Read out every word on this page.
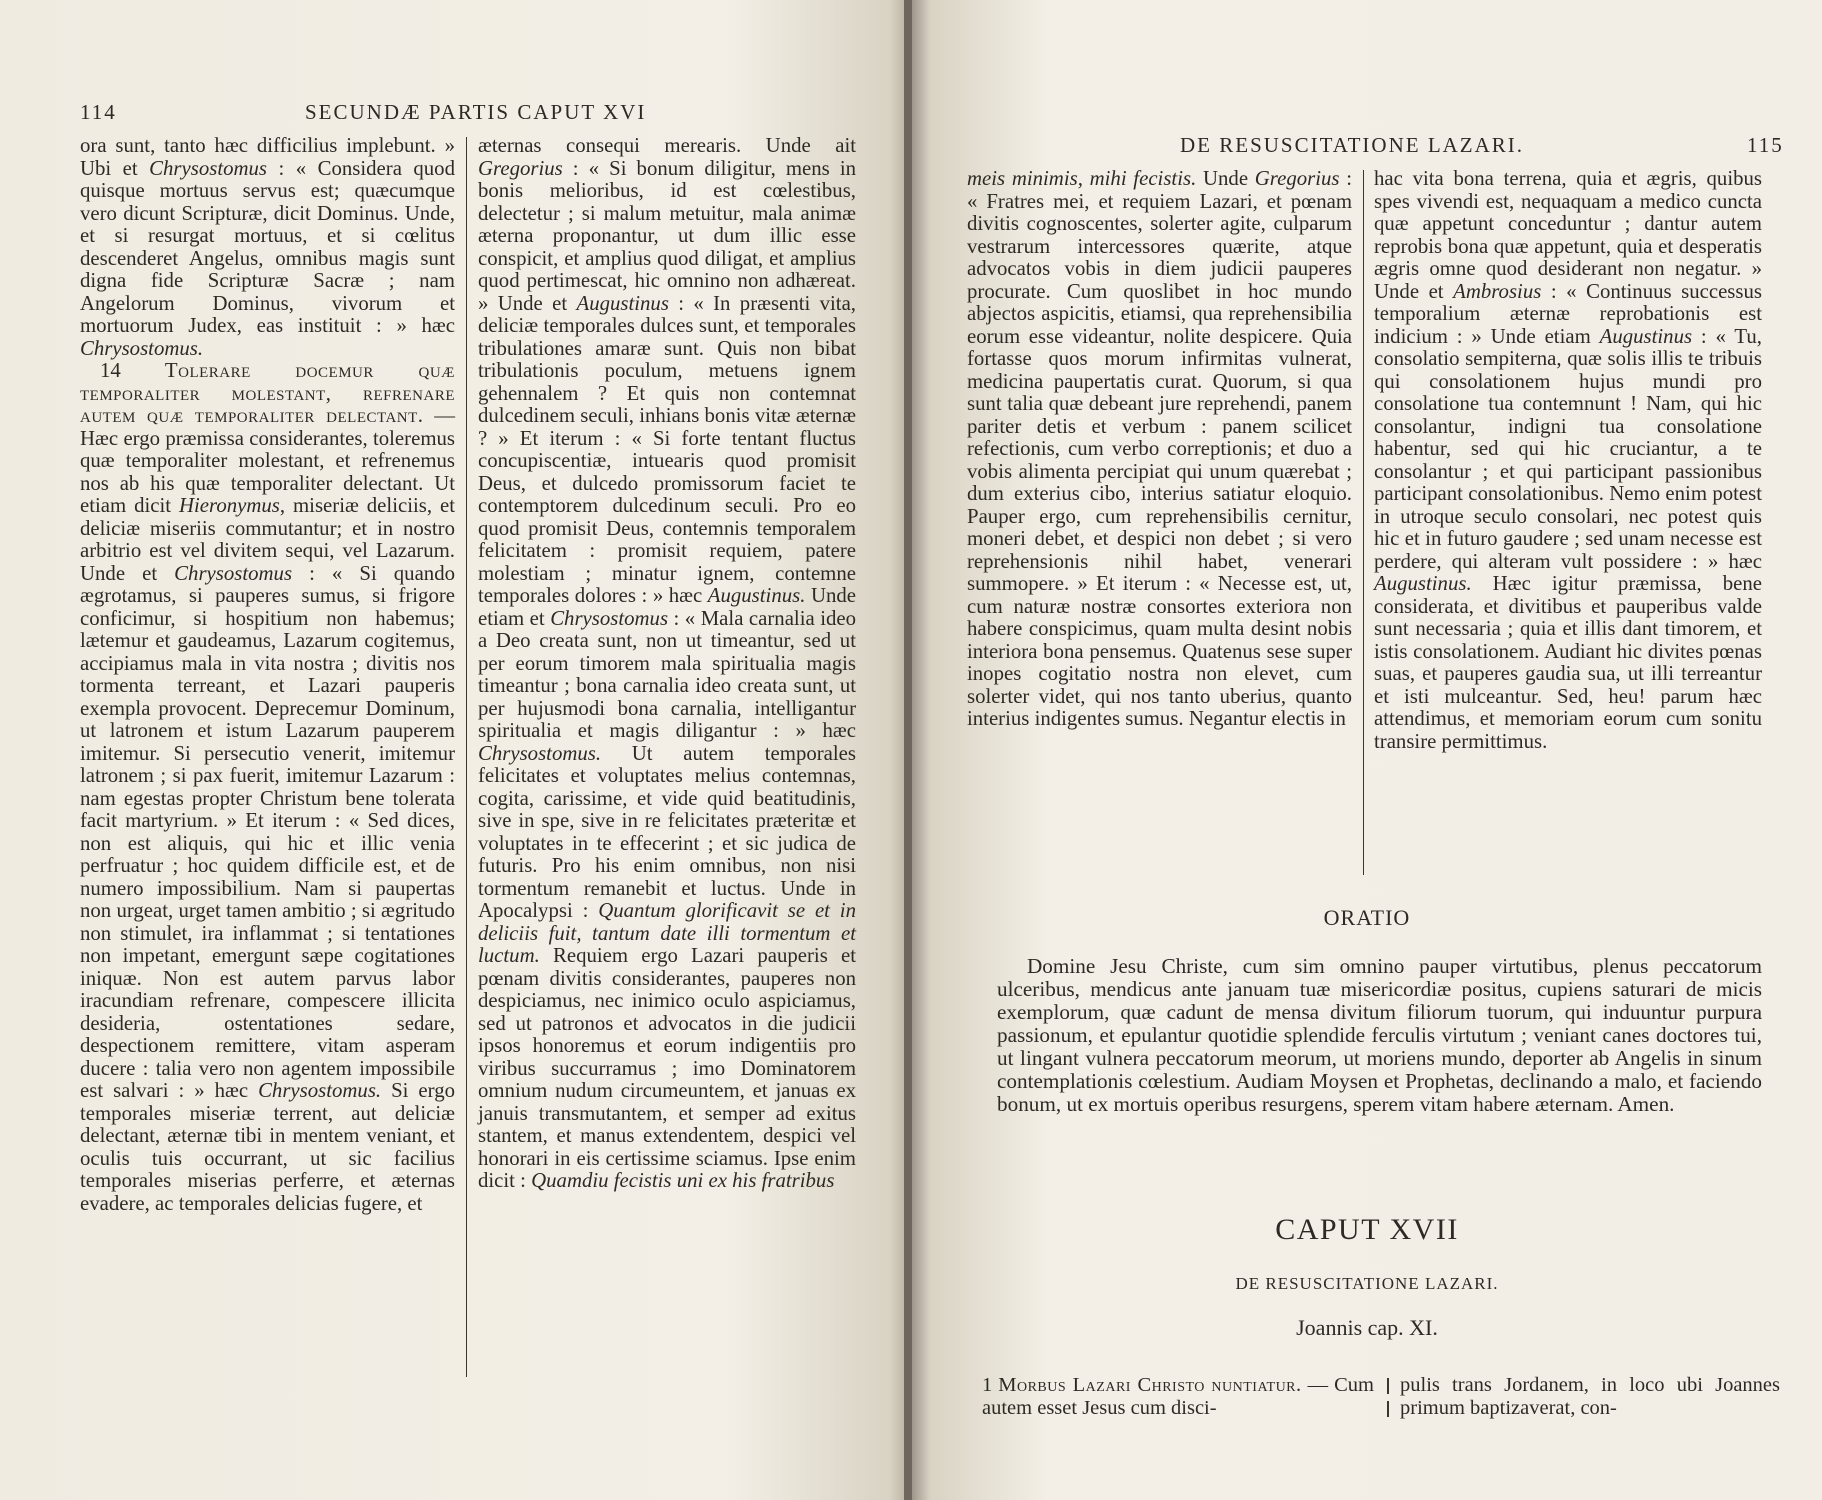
114	SECUNDÆ PARTIS CAPUT XVI

ora sunt, tanto hæc difficilius implebunt. » Ubi et Chrysostomus : « Considera quod quisque mortuus servus est; quæcumque vero dicunt Scripturæ, dicit Dominus. Unde, et si resurgat mortuus, et si cœlitus descenderet Angelus, omnibus magis sunt digna fide Scripturæ Sacræ ; nam Angelorum Dominus, vivorum et mortuorum Judex, eas instituit : » hæc Chrysostomus.

14 Tolerare docemur quæ temporaliter molestant, refrenare autem quæ temporaliter delectant. — Hæc ergo præmissa considerantes, toleremus quæ temporaliter molestant, et refrenemus nos ab his quæ temporaliter delectant. Ut etiam dicit Hieronymus, miseriæ deliciis, et deliciæ miseriis commutantur; et in nostro arbitrio est vel divitem sequi, vel Lazarum. Unde et Chrysostomus : « Si quando ægrotamus, si pauperes sumus, si frigore conficimur, si hospitium non habemus; lætemur et gaudeamus, Lazarum cogitemus, accipiamus mala in vita nostra ; divitis nos tormenta terreant, et Lazari pauperis exempla provocent. Deprecemur Dominum, ut latronem et istum Lazarum pauperem imitemur. Si persecutio venerit, imitemur latronem ; si pax fuerit, imitemur Lazarum : nam egestas propter Christum bene tolerata facit martyrium. » Et iterum : « Sed dices, non est aliquis, qui hic et illic venia perfruatur ; hoc quidem difficile est, et de numero impossibilium. Nam si paupertas non urgeat, urget tamen ambitio ; si ægritudo non stimulet, ira inflammat ; si tentationes non impetant, emergunt sæpe cogitationes iniquæ. Non est autem parvus labor iracundiam refrenare, compescere illicita desideria, ostentationes sedare, despectionem remittere, vitam asperam ducere : talia vero non agentem impossibile est salvari : » hæc Chrysostomus. Si ergo temporales miseriæ terrent, aut deliciæ delectant, æternæ tibi in mentem veniant, et oculis tuis occurrant, ut sic facilius temporales miserias perferre, et æternas evadere, ac temporales delicias fugere, et

æternas consequi merearis. Unde ait Gregorius : « Si bonum diligitur, mens in bonis melioribus, id est cœlestibus, delectetur ; si malum metuitur, mala animæ æterna proponantur, ut dum illic esse conspicit, et amplius quod diligat, et amplius quod pertimescat, hic omnino non adhæreat. » Unde et Augustinus : « In præsenti vita, deliciæ temporales dulces sunt, et temporales tribulationes amaræ sunt. Quis non bibat tribulationis poculum, metuens ignem gehennalem ? Et quis non contemnat dulcedinem seculi, inhians bonis vitæ æternæ ? » Et iterum : « Si forte tentant fluctus concupiscentiæ, intuearis quod promisit Deus, et dulcedo promissorum faciet te contemptorem dulcedinum seculi. Pro eo quod promisit Deus, contemnis temporalem felicitatem : promisit requiem, patere molestiam ; minatur ignem, contemne temporales dolores : » hæc Augustinus. Unde etiam et Chrysostomus : « Mala carnalia ideo a Deo creata sunt, non ut timeantur, sed ut per eorum timorem mala spiritualia magis timeantur ; bona carnalia ideo creata sunt, ut per hujusmodi bona carnalia, intelligantur spiritualia et magis diligantur : » hæc Chrysostomus. Ut autem temporales felicitates et voluptates melius contemnas, cogita, carissime, et vide quid beatitudinis, sive in spe, sive in re felicitates præteritæ et voluptates in te effecerint ; et sic judica de futuris. Pro his enim omnibus, non nisi tormentum remanebit et luctus. Unde in Apocalypsi : Quantum glorificavit se et in deliciis fuit, tantum date illi tormentum et luctum. Requiem ergo Lazari pauperis et pœnam divitis considerantes, pauperes non despiciamus, nec inimico oculo aspiciamus, sed ut patronos et advocatos in die judicii ipsos honoremus et eorum indigentiis pro viribus succurramus ; imo Dominatorem omnium nudum circumeuntem, et januas ex januis transmutantem, et semper ad exitus stantem, et manus extendentem, despici vel honorari in eis certissime sciamus. Ipse enim dicit : Quamdiu fecistis uni ex his fratribus

DE RESUSCITATIONE LAZARI.	115

meis minimis, mihi fecistis. Unde Gregorius : « Fratres mei, et requiem Lazari, et pœnam divitis cognoscentes, solerter agite, culparum vestrarum intercessores quærite, atque advocatos vobis in diem judicii pauperes procurate. Cum quoslibet in hoc mundo abjectos aspicitis, etiamsi, qua reprehensibilia eorum esse videantur, nolite despicere. Quia fortasse quos morum infirmitas vulnerat, medicina paupertatis curat. Quorum, si qua sunt talia quæ debeant jure reprehendi, panem pariter detis et verbum : panem scilicet refectionis, cum verbo correptionis; et duo a vobis alimenta percipiat qui unum quærebat ; dum exterius cibo, interius satiatur eloquio. Pauper ergo, cum reprehensibilis cernitur, moneri debet, et despici non debet ; si vero reprehensionis nihil habet, venerari summopere. » Et iterum : « Necesse est, ut, cum naturæ nostræ consortes exteriora non habere conspicimus, quam multa desint nobis interiora bona pensemus. Quatenus sese super inopes cogitatio nostra non elevet, cum solerter videt, qui nos tanto uberius, quanto interius indigentes sumus. Negantur electis in

hac vita bona terrena, quia et ægris, quibus spes vivendi est, nequaquam a medico cuncta quæ appetunt conceduntur ; dantur autem reprobis bona quæ appetunt, quia et desperatis ægris omne quod desiderant non negatur. » Unde et Ambrosius : « Continuus successus temporalium æternæ reprobationis est indicium : » Unde etiam Augustinus : « Tu, consolatio sempiterna, quæ solis illis te tribuis qui consolationem hujus mundi pro consolatione tua contemnunt ! Nam, qui hic consolantur, indigni tua consolatione habentur, sed qui hic cruciantur, a te consolantur ; et qui participant passionibus participant consolationibus. Nemo enim potest in utroque seculo consolari, nec potest quis hic et in futuro gaudere ; sed unam necesse est perdere, qui alteram vult possidere : » hæc Augustinus. Hæc igitur præmissa, bene considerata, et divitibus et pauperibus valde sunt necessaria ; quia et illis dant timorem, et istis consolationem. Audiant hic divites pœnas suas, et pauperes gaudia sua, ut illi terreantur et isti mulceantur. Sed, heu! parum hæc attendimus, et memoriam eorum cum sonitu transire permittimus.

ORATIO

Domine Jesu Christe, cum sim omnino pauper virtutibus, plenus peccatorum ulceribus, mendicus ante januam tuæ misericordiæ positus, cupiens saturari de micis exemplorum, quæ cadunt de mensa divitum filiorum tuorum, qui induuntur purpura passionum, et epulantur quotidie splendide ferculis virtutum ; veniant canes doctores tui, ut lingant vulnera peccatorum meorum, ut moriens mundo, deporter ab Angelis in sinum contemplationis cœlestium. Audiam Moysen et Prophetas, declinando a malo, et faciendo bonum, ut ex mortuis operibus resurgens, sperem vitam habere æternam. Amen.

CAPUT XVII
DE RESUSCITATIONE LAZARI.
Joannis cap. XI.
1 Morbus Lazari Christo nuntiatur. — Cum autem esset Jesus cum disci-
pulis trans Jordanem, in loco ubi Joannes primum baptizaverat, con-
